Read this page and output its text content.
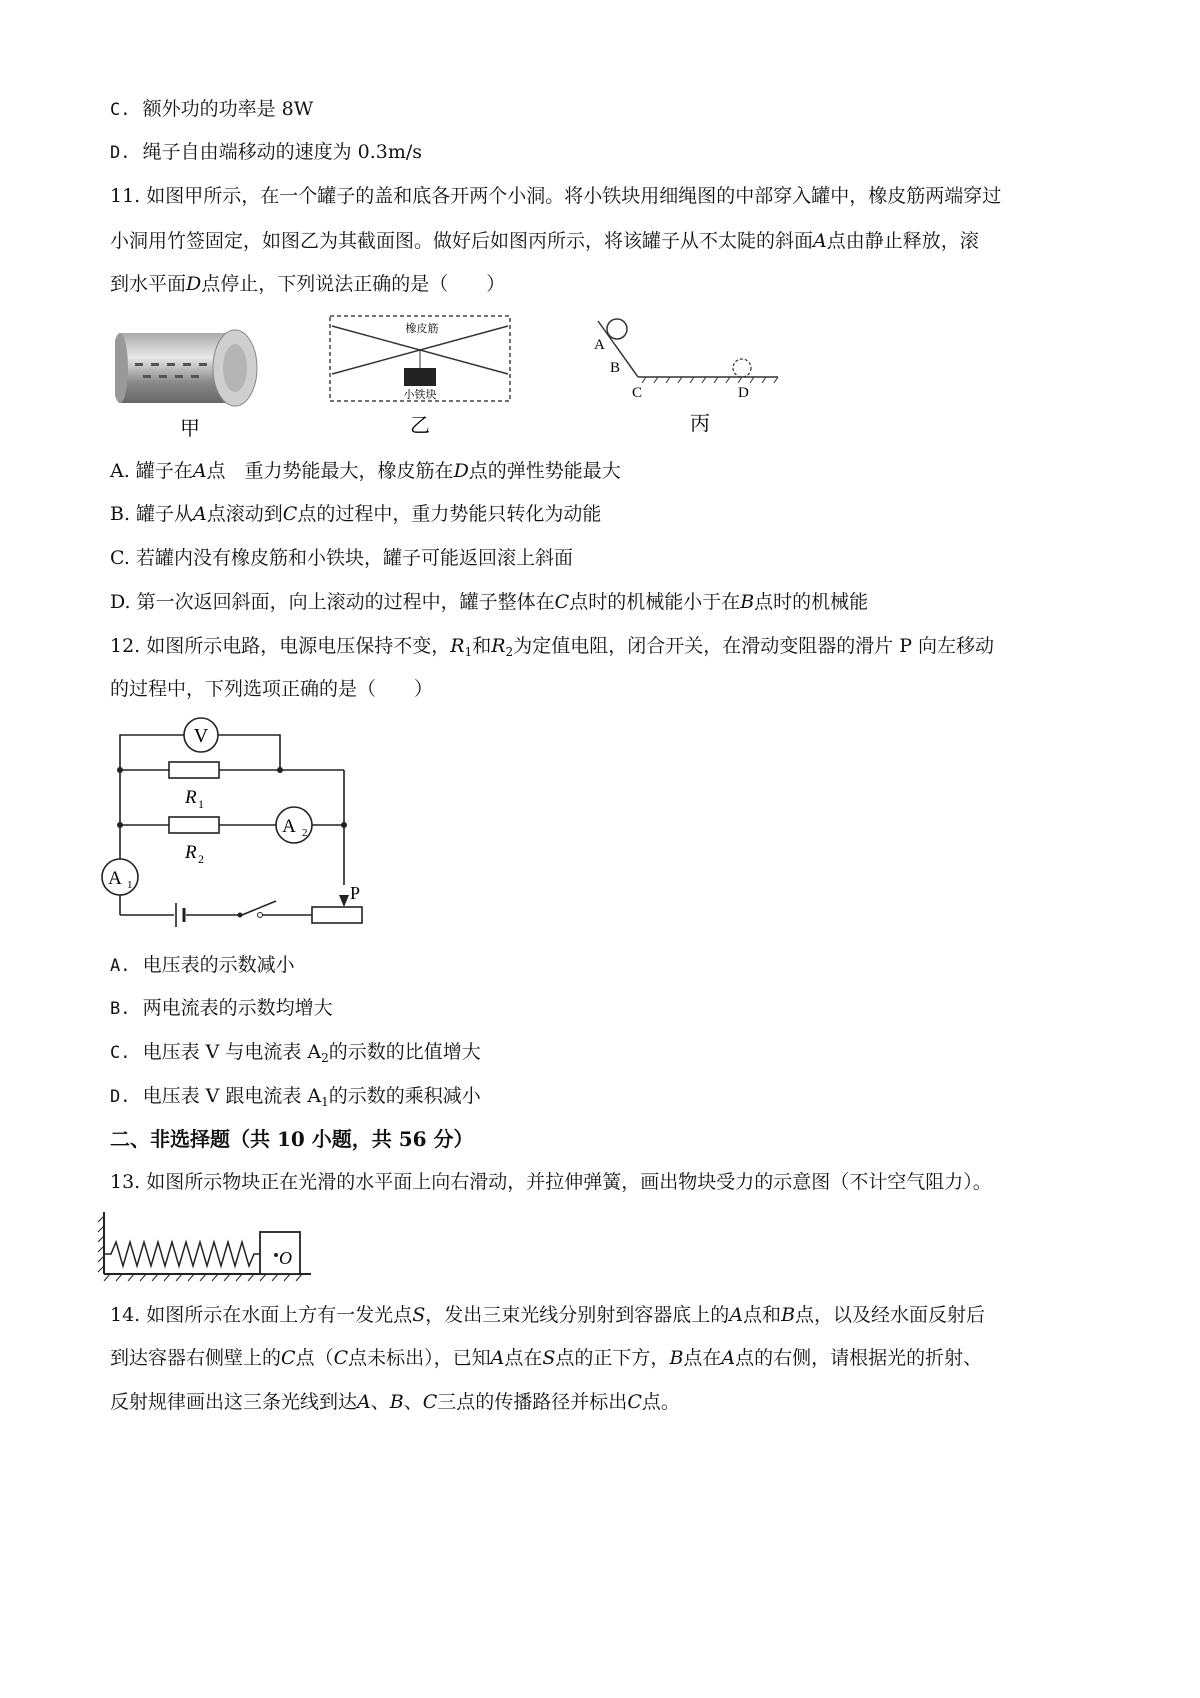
C. 额外功的功率是 8W
D. 绳子自由端移动的速度为 0.3m/s
11. 如图甲所示，在一个罐子的盖和底各开两个小洞。将小铁块用细绳图的中部穿入罐中，橡皮筋两端穿过
小洞用竹签固定，如图乙为其截面图。做好后如图丙所示，将该罐子从不太陡的斜面A点由静止释放，滚
到水平面D点停止，下列说法正确的是（　　）
甲
橡皮筋
小铁块
乙
A
B
C	D
丙
A. 罐子在A点　重力势能最大，橡皮筋在D点的弹性势能最大
B. 罐子从A点滚动到C点的过程中，重力势能只转化为动能
C. 若罐内没有橡皮筋和小铁块，罐子可能返回滚上斜面
D. 第一次返回斜面，向上滚动的过程中，罐子整体在C点时的机械能小于在B点时的机械能
12. 如图所示电路，电源电压保持不变，$R_1$和$R_2$为定值电阻，闭合开关，在滑动变阻器的滑片 P 向左移动
的过程中，下列选项正确的是（　　）
V
R 1
R 2
A 2
A 1	P
A. 电压表的示数减小
B. 两电流表的示数均增大
C. 电压表 V 与电流表 $A_2$的示数的比值增大
D. 电压表 V 跟电流表 $A_1$的示数的乘积减小
二、非选择题（共 10 小题，共 56 分）
13. 如图所示物块正在光滑的水平面上向右滑动，并拉伸弹簧，画出物块受力的示意图（不计空气阻力）。
O
14. 如图所示在水面上方有一发光点S，发出三束光线分别射到容器底上的A点和B点，以及经水面反射后
到达容器右侧壁上的C点（C点未标出），已知A点在S点的正下方，B点在A点的右侧，请根据光的折射、
反射规律画出这三条光线到达A、B、C三点的传播路径并标出C点。
